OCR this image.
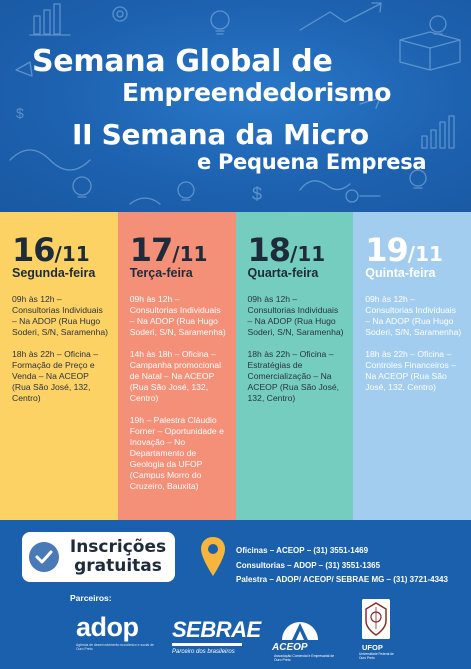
$
$
Semana Global de
Empreendedorismo
II Semana da Micro
e Pequena Empresa
16/11
Segunda-feira

09h às 12h – Consultorias Individuais – Na ADOP (Rua Hugo Soderi, S/N, Saramenha)

18h às 22h – Oficina – Formação de Preço e Venda – Na ACEOP (Rua São José, 132, Centro)

17/11
Terça-feira

09h às 12h – Consultorias Individuais – Na ADOP (Rua Hugo Soderi, S/N, Saramenha)

14h às 18h – Oficina – Campanha promocional de Natal – Na ACEOP (Rua São José, 132, Centro)

19h – Palestra Cláudio Forner – Oportunidade e Inovação – No Departamento de Geologia da UFOP (Campus Morro do Cruzeiro, Bauxita)

18/11
Quarta-feira

09h às 12h – Consultorias Individuais – Na ADOP (Rua Hugo Soderi, S/N, Saramenha)

18h às 22h – Oficina – Estratégias de Comercialização – Na ACEOP (Rua São José, 132, Centro)

19/11
Quinta-feira

09h às 12h – Consultorias Individuais – Na ADOP (Rua Hugo Soderi, S/N, Saramenha)

18h às 22h – Oficina – Controles Financeiros – Na ACEOP (Rua São José, 132, Centro)

Inscrições
gratuitas
Oficinas – ACEOP – (31) 3551-1469
Consultorias – ADOP – (31) 3551-1365
Palestra – ADOP/ ACEOP/ SEBRAE MG – (31) 3721-4343
Parceiros:
adop
Agência de desenvolvimento econômico e social de Ouro Preto
SEBRAE
Parceiro dos brasileiros	ACEOP
Associação Comercial e Empresarial de Ouro Preto
UFOP
Universidade Federal de Ouro Preto
